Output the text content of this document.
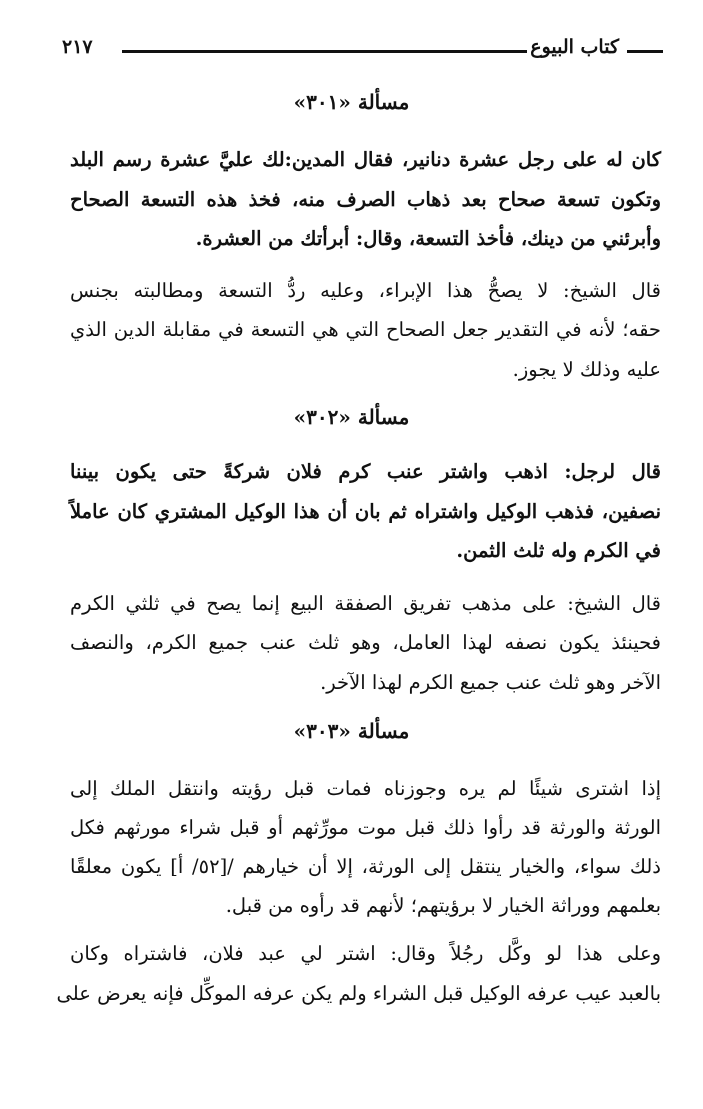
كتاب البيوع
٢١٧
مسألة «٣٠١»
كان له على رجل عشرة دنانير، فقال المدين:لك عليَّ عشرة رسم البلد
وتكون تسعة صحاح بعد ذهاب الصرف منه، فخذ هذه التسعة الصحاح
وأبرئني من دينك، فأخذ التسعة، وقال: أبرأتك من العشرة.
قال الشيخ: لا يصحُّ هذا الإبراء، وعليه ردُّ التسعة ومطالبته بجنس
حقه؛ لأنه في التقدير جعل الصحاح التي هي التسعة في مقابلة الدين الذي
عليه وذلك لا يجوز.
مسألة «٣٠٢»
قال لرجل: اذهب واشتر عنب كرم فلان شركةً حتى يكون بيننا
نصفين، فذهب الوكيل واشتراه ثم بان أن هذا الوكيل المشتري كان عاملاً
في الكرم وله ثلث الثمن.
قال الشيخ: على مذهب تفريق الصفقة البيع إنما يصح في ثلثي الكرم
فحينئذ يكون نصفه لهذا العامل، وهو ثلث عنب جميع الكرم، والنصف
الآخر وهو ثلث عنب جميع الكرم لهذا الآخر.
مسألة «٣٠٣»
إذا اشترى شيئًا لم يره وجوزناه فمات قبل رؤيته وانتقل الملك إلى
الورثة والورثة قد رأوا ذلك قبل موت مورِّثهم أو قبل شراء مورثهم فكل
ذلك سواء، والخيار ينتقل إلى الورثة، إلا أن خيارهم /[٥٢/ أ] يكون معلقًا
بعلمهم ووراثة الخيار لا برؤيتهم؛ لأنهم قد رأوه من قبل.
وعلى هذا لو وكَّل رجُلاً وقال: اشتر لي عبد فلان، فاشتراه وكان
بالعبد عيب عرفه الوكيل قبل الشراء ولم يكن عرفه الموكِّل فإنه يعرض على
